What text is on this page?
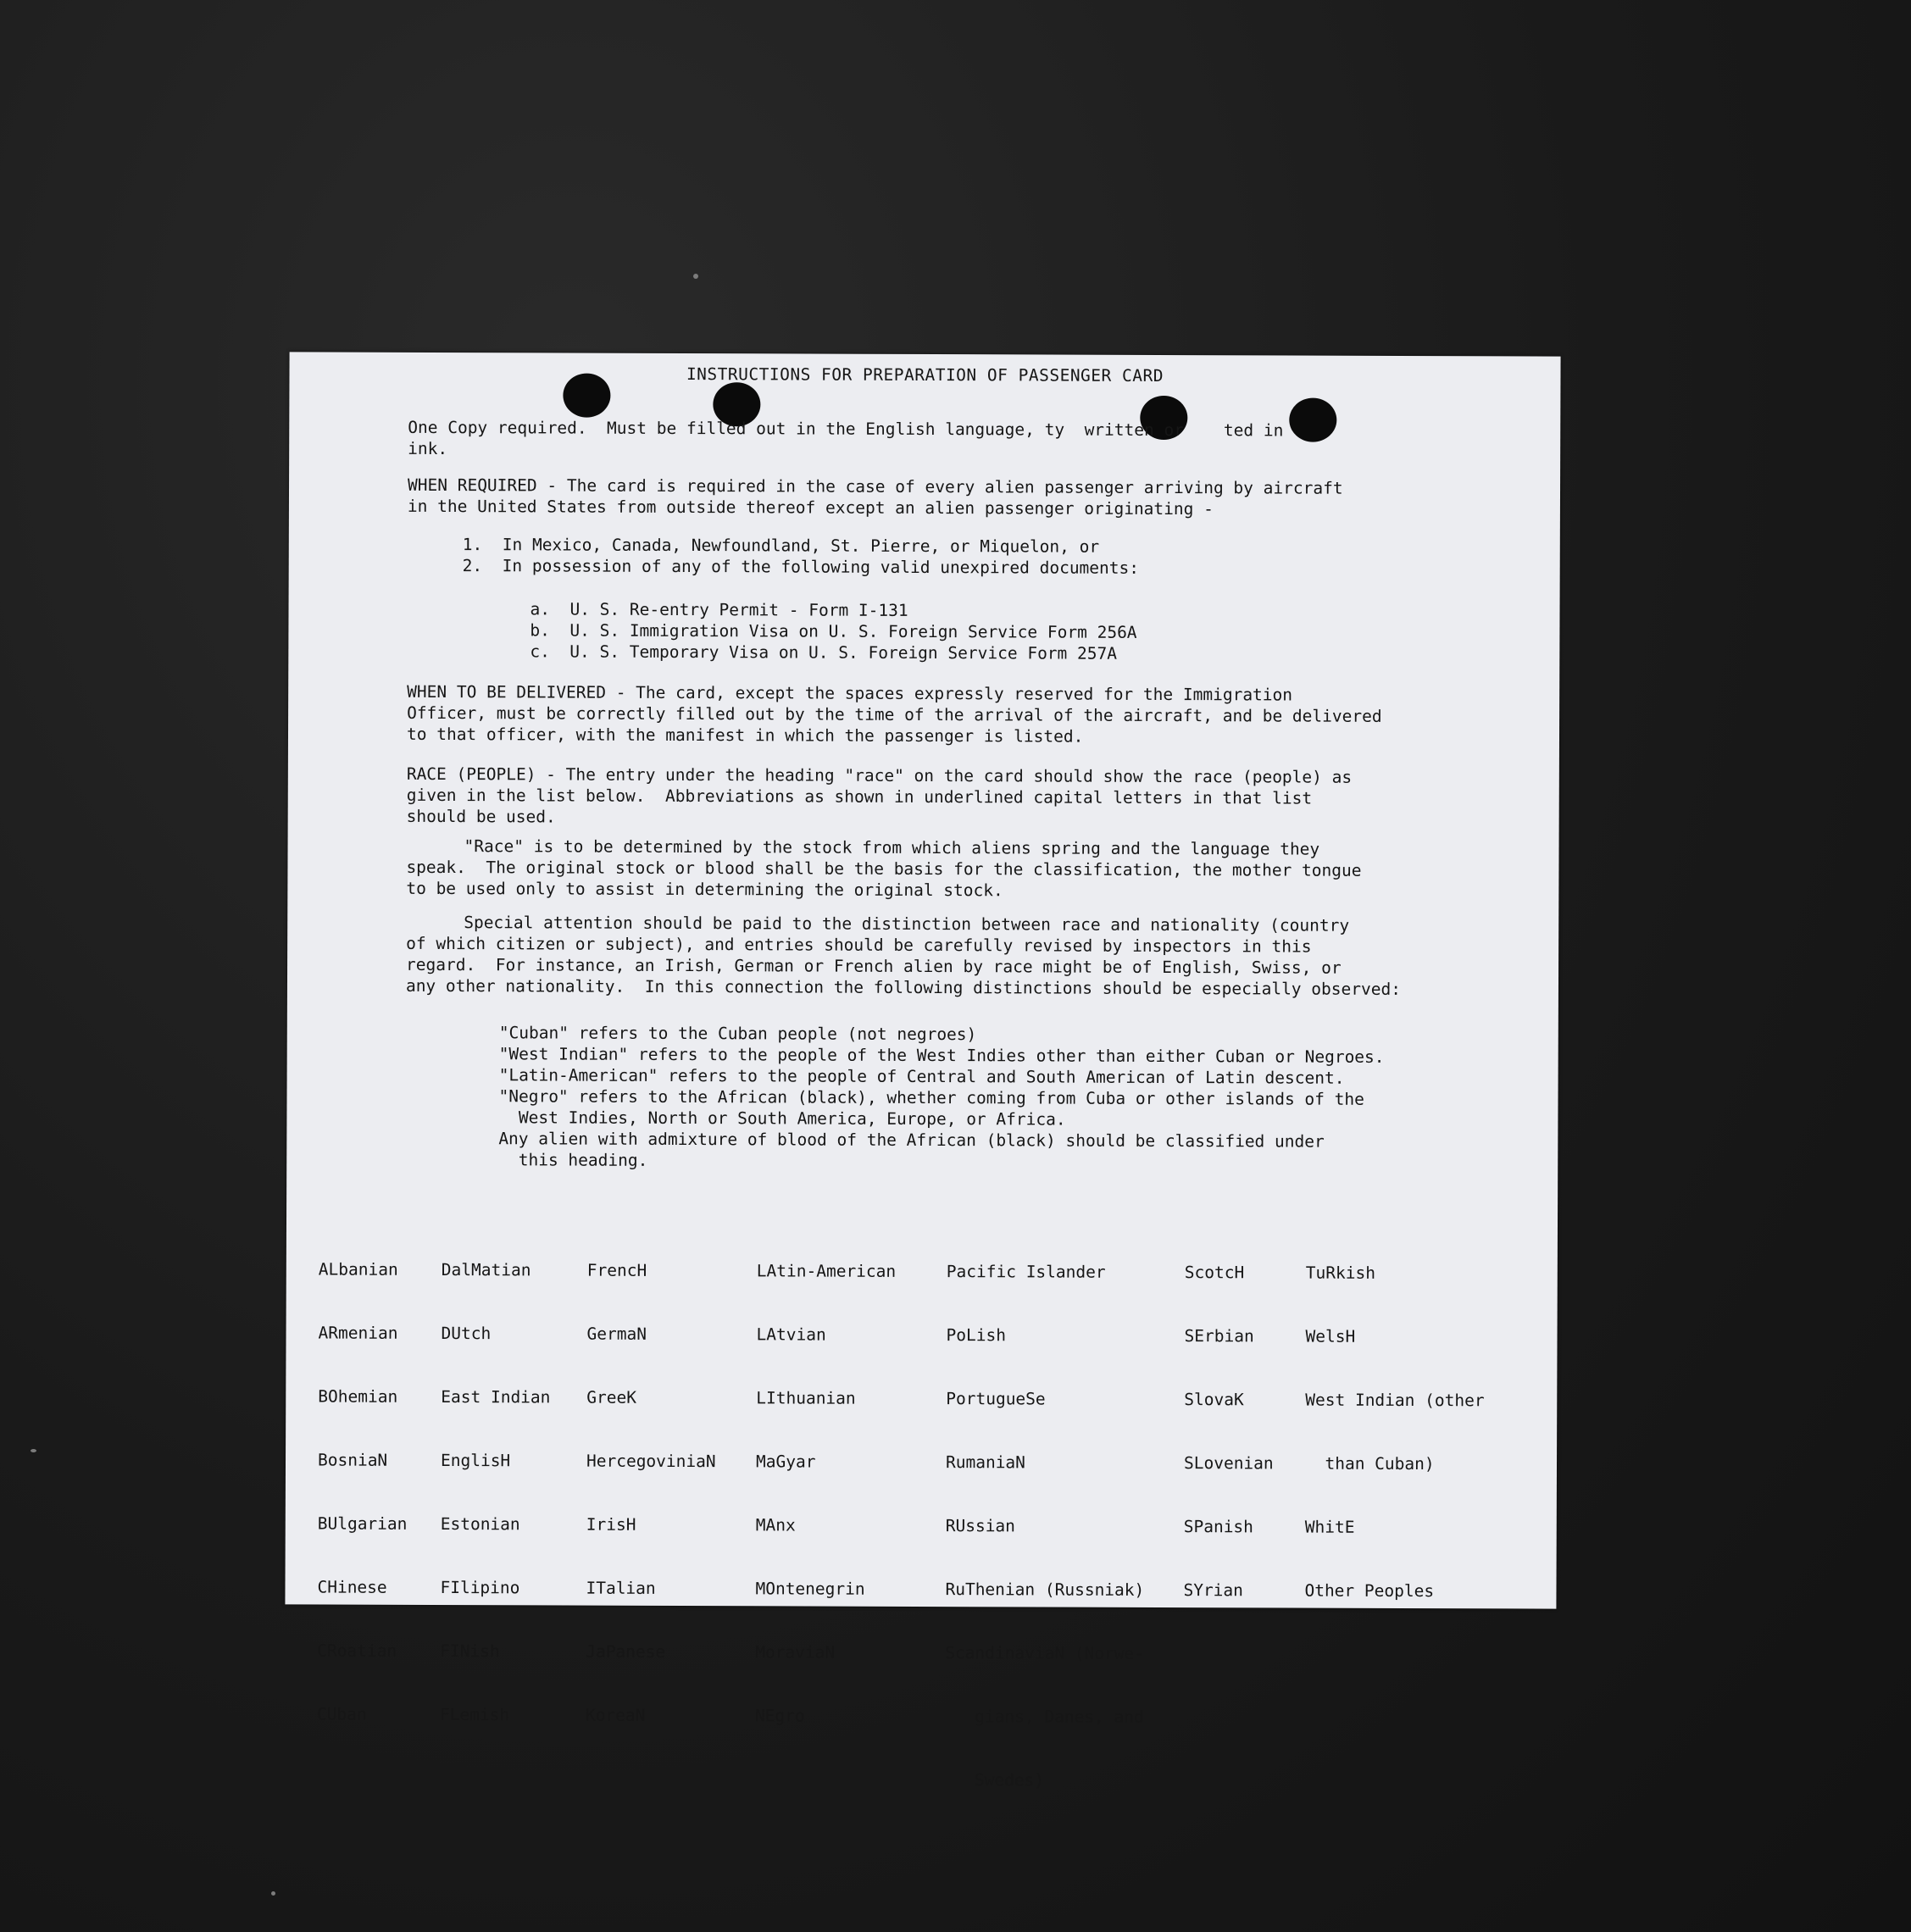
INSTRUCTIONS FOR PREPARATION OF PASSENGER CARD
One Copy required.  Must be filled out in the English language, ty  written or    ted in
ink.
WHEN REQUIRED - The card is required in the case of every alien passenger arriving by aircraft
in the United States from outside thereof except an alien passenger originating -
1.  In Mexico, Canada, Newfoundland, St. Pierre, or Miquelon, or
2.  In possession of any of the following valid unexpired documents:
a.  U. S. Re-entry Permit - Form I-131
b.  U. S. Immigration Visa on U. S. Foreign Service Form 256A
c.  U. S. Temporary Visa on U. S. Foreign Service Form 257A
WHEN TO BE DELIVERED - The card, except the spaces expressly reserved for the Immigration
Officer, must be correctly filled out by the time of the arrival of the aircraft, and be delivered
to that officer, with the manifest in which the passenger is listed.
RACE (PEOPLE) - The entry under the heading "race" on the card should show the race (people) as
given in the list below.  Abbreviations as shown in underlined capital letters in that list
should be used.
"Race" is to be determined by the stock from which aliens spring and the language they
speak.  The original stock or blood shall be the basis for the classification, the mother tongue
to be used only to assist in determining the original stock.
Special attention should be paid to the distinction between race and nationality (country
of which citizen or subject), and entries should be carefully revised by inspectors in this
regard.  For instance, an Irish, German or French alien by race might be of English, Swiss, or
any other nationality.  In this connection the following distinctions should be especially observed:
"Cuban" refers to the Cuban people (not negroes)
"West Indian" refers to the people of the West Indies other than either Cuban or Negroes.
"Latin-American" refers to the people of Central and South American of Latin descent.
"Negro" refers to the African (black), whether coming from Cuba or other islands of the
West Indies, North or South America, Europe, or Africa.
Any alien with admixture of blood of the African (black) should be classified under
this heading.

ALbanian

ARmenian

BOhemian

BosniaN

BUlgarian

CHinese

CRoatian

CUban

DalMatian

DUtch

East Indian

EnglisH

Estonian

FIlipino

FINish

FLemish

FrencH

GermaN

GreeK

HercegoviniaN

IrisH

ITalian

JaPanese

KoreaN

LAtin-American

LAtvian

LIthuanian

MaGyar

MAnx

MOntenegrin

MoraviaN

NEgro

Pacific Islander

PoLish

PortugueSe

RumaniaN

RUssian

RuThenian (Russniak)

ScandinaviaN (Norwe-

gians, Danes, and

Swedes)

ScotcH

SErbian

SlovaK

SLovenian

SPanish

SYrian

TuRkish

WelsH

West Indian (other

than Cuban)

WhitE

Other Peoples
